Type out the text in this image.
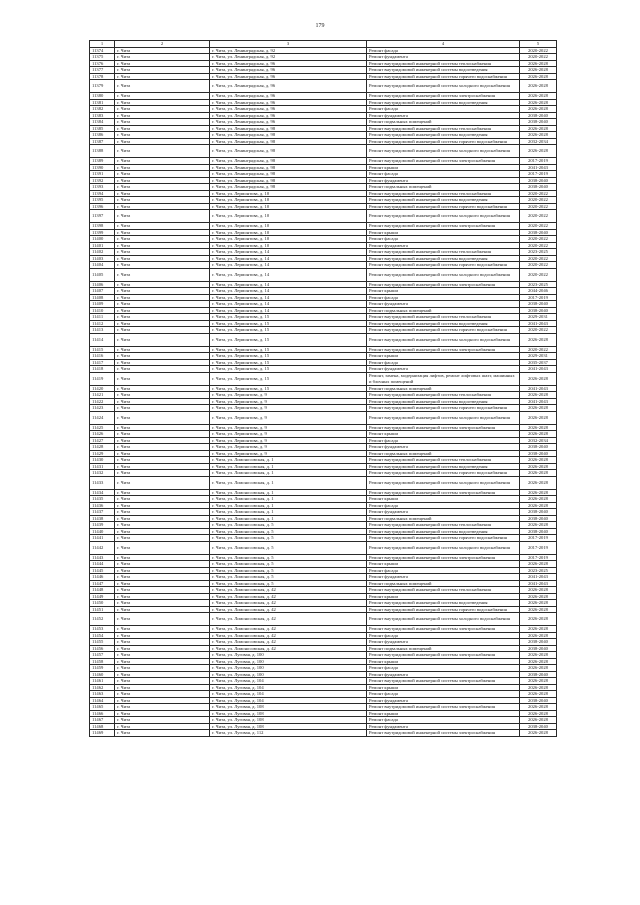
179
1	2	3	4	5
11374	г. Чита	г. Чита, ул. Ленинградская, д. 92	Ремонт фасада	2020-2022
11375	г. Чита	г. Чита, ул. Ленинградская, д. 92	Ремонт фундамента	2020-2022
11376	г. Чита	г. Чита, ул. Ленинградская, д. 96	Ремонт внутридомовой инженерной системы теплоснабжения	2026-2028
11377	г. Чита	г. Чита, ул. Ленинградская, д. 96	Ремонт внутридомовой инженерной системы водоотведения	2026-2028
11378	г. Чита	г. Чита, ул. Ленинградская, д. 96	Ремонт внутридомовой инженерной системы горячего водоснабжения	2026-2028
11379	г. Чита	г. Чита, ул. Ленинградская, д. 96	Ремонт внутридомовой инженерной системы холодного водоснабжения	2026-2028
11380	г. Чита	г. Чита, ул. Ленинградская, д. 96	Ремонт внутридомовой инженерной системы электроснабжения	2026-2028
11381	г. Чита	г. Чита, ул. Ленинградская, д. 96	Ремонт внутридомовой инженерной системы водоотведения	2026-2028
11382	г. Чита	г. Чита, ул. Ленинградская, д. 96	Ремонт фасада	2026-2028
11383	г. Чита	г. Чита, ул. Ленинградская, д. 96	Ремонт фундамента	2038-2040
11384	г. Чита	г. Чита, ул. Ленинградская, д. 96	Ремонт подвальных помещений	2038-2040
11385	г. Чита	г. Чита, ул. Ленинградская, д. 98	Ремонт внутридомовой инженерной системы теплоснабжения	2026-2028
11386	г. Чита	г. Чита, ул. Ленинградская, д. 98	Ремонт внутридомовой инженерной системы водоотведения	2026-2028
11387	г. Чита	г. Чита, ул. Ленинградская, д. 98	Ремонт внутридомовой инженерной системы горячего водоснабжения	2032-2034
11388	г. Чита	г. Чита, ул. Ленинградская, д. 98	Ремонт внутридомовой инженерной системы холодного водоснабжения	2026-2028
11389	г. Чита	г. Чита, ул. Ленинградская, д. 98	Ремонт внутридомовой инженерной системы электроснабжения	2017-2019
11390	г. Чита	г. Чита, ул. Ленинградская, д. 98	Ремонт крыши	2041-2043
11391	г. Чита	г. Чита, ул. Ленинградская, д. 98	Ремонт фасада	2017-2019
11392	г. Чита	г. Чита, ул. Ленинградская, д. 98	Ремонт фундамента	2038-2040
11393	г. Чита	г. Чита, ул. Ленинградская, д. 98	Ремонт подвальных помещений	2038-2040
11394	г. Чита	г. Чита, ул. Лермонтова, д. 10	Ремонт внутридомовой инженерной системы теплоснабжения	2020-2022
11395	г. Чита	г. Чита, ул. Лермонтова, д. 10	Ремонт внутридомовой инженерной системы водоотведения	2020-2022
11396	г. Чита	г. Чита, ул. Лермонтова, д. 10	Ремонт внутридомовой инженерной системы горячего водоснабжения	2020-2022
11397	г. Чита	г. Чита, ул. Лермонтова, д. 10	Ремонт внутридомовой инженерной системы холодного водоснабжения	2020-2022
11398	г. Чита	г. Чита, ул. Лермонтова, д. 10	Ремонт внутридомовой инженерной системы электроснабжения	2020-2022
11399	г. Чита	г. Чита, ул. Лермонтова, д. 10	Ремонт крыши	2038-2040
11400	г. Чита	г. Чита, ул. Лермонтова, д. 10	Ремонт фасада	2020-2022
11401	г. Чита	г. Чита, ул. Лермонтова, д. 10	Ремонт фундамента	2020-2022
11402	г. Чита	г. Чита, ул. Лермонтова, д. 14	Ремонт внутридомовой инженерной системы теплоснабжения	2023-2025
11403	г. Чита	г. Чита, ул. Лермонтова, д. 14	Ремонт внутридомовой инженерной системы водоотведения	2020-2022
11404	г. Чита	г. Чита, ул. Лермонтова, д. 14	Ремонт внутридомовой инженерной системы горячего водоснабжения	2020-2022
11405	г. Чита	г. Чита, ул. Лермонтова, д. 14	Ремонт внутридомовой инженерной системы холодного водоснабжения	2020-2022
11406	г. Чита	г. Чита, ул. Лермонтова, д. 14	Ремонт внутридомовой инженерной системы электроснабжения	2023-2025
11407	г. Чита	г. Чита, ул. Лермонтова, д. 14	Ремонт крыши	2044-2046
11408	г. Чита	г. Чита, ул. Лермонтова, д. 14	Ремонт фасада	2017-2019
11409	г. Чита	г. Чита, ул. Лермонтова, д. 14	Ремонт фундамента	2038-2040
11410	г. Чита	г. Чита, ул. Лермонтова, д. 14	Ремонт подвальных помещений	2038-2040
11411	г. Чита	г. Чита, ул. Лермонтова, д. 15	Ремонт внутридомовой инженерной системы теплоснабжения	2029-2031
11412	г. Чита	г. Чита, ул. Лермонтова, д. 15	Ремонт внутридомовой инженерной системы водоотведения	2041-2043
11413	г. Чита	г. Чита, ул. Лермонтова, д. 15	Ремонт внутридомовой инженерной системы горячего водоснабжения	2020-2022
11414	г. Чита	г. Чита, ул. Лермонтова, д. 15	Ремонт внутридомовой инженерной системы холодного водоснабжения	2026-2028
11415	г. Чита	г. Чита, ул. Лермонтова, д. 15	Ремонт внутридомовой инженерной системы электроснабжения	2020-2022
11416	г. Чита	г. Чита, ул. Лермонтова, д. 15	Ремонт крыши	2029-2031
11417	г. Чита	г. Чита, ул. Лермонтова, д. 15	Ремонт фасада	2035-2037
11418	г. Чита	г. Чита, ул. Лермонтова, д. 15	Ремонт фундамента	2041-2043
11419	г. Чита	г. Чита, ул. Лермонтова, д. 15	Ремонт, замена, модернизация лифтов, ремонт лифтовых шахт, машинных и блочных помещений	2026-2028
11420	г. Чита	г. Чита, ул. Лермонтова, д. 15	Ремонт подвальных помещений	2041-2043
11421	г. Чита	г. Чита, ул. Лермонтова, д. 9	Ремонт внутридомовой инженерной системы теплоснабжения	2026-2028
11422	г. Чита	г. Чита, ул. Лермонтова, д. 9	Ремонт внутридомовой инженерной системы водоотведения	2041-2043
11423	г. Чита	г. Чита, ул. Лермонтова, д. 9	Ремонт внутридомовой инженерной системы горячего водоснабжения	2026-2028
11424	г. Чита	г. Чита, ул. Лермонтова, д. 9	Ремонт внутридомовой инженерной системы холодного водоснабжения	2026-2028
11425	г. Чита	г. Чита, ул. Лермонтова, д. 9	Ремонт внутридомовой инженерной системы электроснабжения	2026-2028
11426	г. Чита	г. Чита, ул. Лермонтова, д. 9	Ремонт крыши	2026-2028
11427	г. Чита	г. Чита, ул. Лермонтова, д. 9	Ремонт фасада	2032-2034
11428	г. Чита	г. Чита, ул. Лермонтова, д. 9	Ремонт фундамента	2038-2040
11429	г. Чита	г. Чита, ул. Лермонтова, д. 9	Ремонт подвальных помещений	2038-2040
11430	г. Чита	г. Чита, ул. Ломоносовская, д. 1	Ремонт внутридомовой инженерной системы теплоснабжения	2026-2028
11431	г. Чита	г. Чита, ул. Ломоносовская, д. 1	Ремонт внутридомовой инженерной системы водоотведения	2026-2028
11432	г. Чита	г. Чита, ул. Ломоносовская, д. 1	Ремонт внутридомовой инженерной системы горячего водоснабжения	2026-2028
11433	г. Чита	г. Чита, ул. Ломоносовская, д. 1	Ремонт внутридомовой инженерной системы холодного водоснабжения	2026-2028
11434	г. Чита	г. Чита, ул. Ломоносовская, д. 1	Ремонт внутридомовой инженерной системы электроснабжения	2026-2028
11435	г. Чита	г. Чита, ул. Ломоносовская, д. 1	Ремонт крыши	2026-2028
11436	г. Чита	г. Чита, ул. Ломоносовская, д. 1	Ремонт фасада	2026-2028
11437	г. Чита	г. Чита, ул. Ломоносовская, д. 1	Ремонт фундамента	2038-2040
11438	г. Чита	г. Чита, ул. Ломоносовская, д. 1	Ремонт подвальных помещений	2038-2040
11439	г. Чита	г. Чита, ул. Ломоносовская, д. 5	Ремонт внутридомовой инженерной системы теплоснабжения	2026-2028
11440	г. Чита	г. Чита, ул. Ломоносовская, д. 5	Ремонт внутридомовой инженерной системы водоотведения	2038-2040
11441	г. Чита	г. Чита, ул. Ломоносовская, д. 5	Ремонт внутридомовой инженерной системы горячего водоснабжения	2017-2019
11442	г. Чита	г. Чита, ул. Ломоносовская, д. 5	Ремонт внутридомовой инженерной системы холодного водоснабжения	2017-2019
11443	г. Чита	г. Чита, ул. Ломоносовская, д. 5	Ремонт внутридомовой инженерной системы электроснабжения	2017-2019
11444	г. Чита	г. Чита, ул. Ломоносовская, д. 5	Ремонт крыши	2026-2028
11445	г. Чита	г. Чита, ул. Ломоносовская, д. 5	Ремонт фасада	2023-2025
11446	г. Чита	г. Чита, ул. Ломоносовская, д. 5	Ремонт фундамента	2041-2043
11447	г. Чита	г. Чита, ул. Ломоносовская, д. 5	Ремонт подвальных помещений	2041-2043
11448	г. Чита	г. Чита, ул. Ломоносовская, д. 42	Ремонт внутридомовой инженерной системы теплоснабжения	2026-2028
11449	г. Чита	г. Чита, ул. Ломоносовская, д. 42	Ремонт крыши	2026-2028
11450	г. Чита	г. Чита, ул. Ломоносовская, д. 42	Ремонт внутридомовой инженерной системы водоотведения	2026-2028
11451	г. Чита	г. Чита, ул. Ломоносовская, д. 42	Ремонт внутридомовой инженерной системы горячего водоснабжения	2026-2028
11452	г. Чита	г. Чита, ул. Ломоносовская, д. 42	Ремонт внутридомовой инженерной системы холодного водоснабжения	2026-2028
11453	г. Чита	г. Чита, ул. Ломоносовская, д. 42	Ремонт внутридомовой инженерной системы электроснабжения	2026-2028
11454	г. Чита	г. Чита, ул. Ломоносовская, д. 42	Ремонт фасада	2026-2028
11455	г. Чита	г. Чита, ул. Ломоносовская, д. 42	Ремонт фундамента	2038-2040
11456	г. Чита	г. Чита, ул. Ломоносовская, д. 42	Ремонт подвальных помещений	2038-2040
11457	г. Чита	г. Чита, ул. Луговая, д. 100	Ремонт внутридомовой инженерной системы электроснабжения	2026-2028
11458	г. Чита	г. Чита, ул. Луговая, д. 100	Ремонт крыши	2026-2028
11459	г. Чита	г. Чита, ул. Луговая, д. 100	Ремонт фасада	2026-2028
11460	г. Чита	г. Чита, ул. Луговая, д. 100	Ремонт фундамента	2038-2040
11461	г. Чита	г. Чита, ул. Луговая, д. 104	Ремонт внутридомовой инженерной системы электроснабжения	2026-2028
11462	г. Чита	г. Чита, ул. Луговая, д. 104	Ремонт крыши	2026-2028
11463	г. Чита	г. Чита, ул. Луговая, д. 104	Ремонт фасада	2026-2028
11464	г. Чита	г. Чита, ул. Луговая, д. 104	Ремонт фундамента	2038-2040
11465	г. Чита	г. Чита, ул. Луговая, д. 108	Ремонт внутридомовой инженерной системы электроснабжения	2026-2028
11466	г. Чита	г. Чита, ул. Луговая, д. 108	Ремонт крыши	2026-2028
11467	г. Чита	г. Чита, ул. Луговая, д. 108	Ремонт фасада	2026-2028
11468	г. Чита	г. Чита, ул. Луговая, д. 108	Ремонт фундамента	2038-2040
11469	г. Чита	г. Чита, ул. Луговая, д. 112	Ремонт внутридомовой инженерной системы электроснабжения	2026-2028
